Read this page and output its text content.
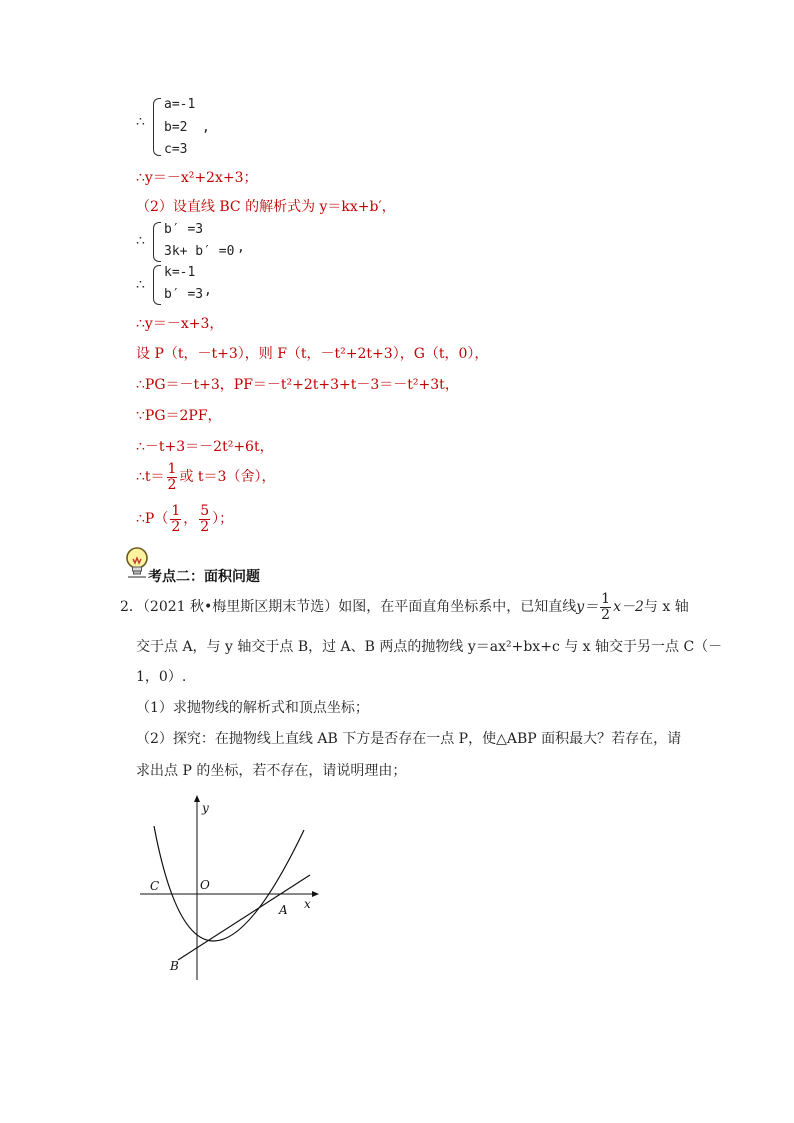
∴
a=-1
b=2 ,
c=3
∴y＝－x²+2x+3；
（2）设直线 BC 的解析式为 y＝kx+b′，
∴
b′ =3
3k+ b′ =0 ,
∴
k=-1
b′ =3 ,
∴y＝－x+3，
设 P（t，－t+3），则 F（t，－t²+2t+3），G（t，0），
∴PG＝－t+3，PF＝－t²+2t+3+t－3＝－t²+3t，
∵PG＝2PF，
∴－t+3＝－2t²+6t，
∴t＝ $\frac{1}{2}$ 或 t＝3（舍），
∴P（ $\frac{1}{2}$ ， $\frac{5}{2}$ ）；
考点二：面积问题
2．（2021 秋•梅里斯区期末节选）如图，在平面直角坐标系中，已知直线$y= \frac{1}{2} x-2$与 x 轴
交于点 A，与 y 轴交于点 B，过 A、B 两点的抛物线 y＝ax²+bx+c 与 x 轴交于另一点 C（－
1，0）.
（1）求抛物线的解析式和顶点坐标；
（2）探究：在抛物线上直线 AB 下方是否存在一点 P，使△ABP 面积最大？若存在，请
求出点 P 的坐标，若不存在，请说明理由；
y
x
O
C
A
B
